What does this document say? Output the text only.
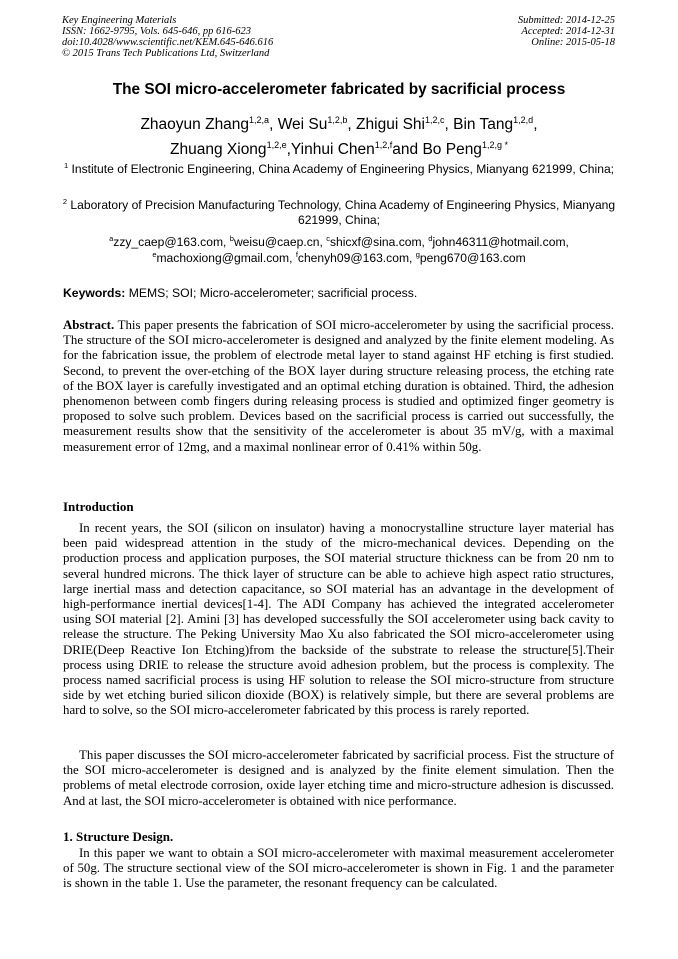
Key Engineering Materials
ISSN: 1662-9795, Vols. 645-646, pp 616-623
doi:10.4028/www.scientific.net/KEM.645-646.616
© 2015 Trans Tech Publications Ltd, Switzerland
Submitted: 2014-12-25
Accepted: 2014-12-31
Online: 2015-05-18
The SOI micro-accelerometer fabricated by sacrificial process
Zhaoyun Zhang$^{1,2,a}$, Wei Su$^{1,2,b}$, Zhigui Shi$^{1,2,c}$, Bin Tang$^{1,2,d}$,
Zhuang Xiong$^{1,2,e}$,Yinhui Chen$^{1,2,f}$and Bo Peng$^{1,2,g *}$
$^1$ Institute of Electronic Engineering, China Academy of Engineering Physics, Mianyang 621999, China;
$^2$ Laboratory of Precision Manufacturing Technology, China Academy of Engineering Physics, Mianyang 621999, China;
$^a$zzy_caep@163.com, $^b$weisu@caep.cn, $^c$shicxf@sina.com, $^d$john46311@hotmail.com,
$^e$machoxiong@gmail.com, $^f$chenyh09@163.com, $^g$peng670@163.com
Keywords: MEMS; SOI; Micro-accelerometer; sacrificial process.
Abstract. This paper presents the fabrication of SOI micro-accelerometer by using the sacrificial process. The structure of the SOI micro-accelerometer is designed and analyzed by the finite element modeling. As for the fabrication issue, the problem of electrode metal layer to stand against HF etching is first studied. Second, to prevent the over-etching of the BOX layer during structure releasing process, the etching rate of the BOX layer is carefully investigated and an optimal etching duration is obtained. Third, the adhesion phenomenon between comb fingers during releasing process is studied and optimized finger geometry is proposed to solve such problem. Devices based on the sacrificial process is carried out successfully, the measurement results show that the sensitivity of the accelerometer is about 35 mV/g, with a maximal measurement error of 12mg, and a maximal nonlinear error of 0.41% within 50g.
Introduction
In recent years, the SOI (silicon on insulator) having a monocrystalline structure layer material has been paid widespread attention in the study of the micro-mechanical devices. Depending on the production process and application purposes, the SOI material structure thickness can be from 20 nm to several hundred microns. The thick layer of structure can be able to achieve high aspect ratio structures, large inertial mass and detection capacitance, so SOI material has an advantage in the development of high-performance inertial devices[1-4]. The ADI Company has achieved the integrated accelerometer using SOI material [2]. Amini [3] has developed successfully the SOI accelerometer using back cavity to release the structure. The Peking University Mao Xu also fabricated the SOI micro-accelerometer using DRIE(Deep Reactive Ion Etching)from the backside of the substrate to release the structure[5].Their process using DRIE to release the structure avoid adhesion problem, but the process is complexity. The process named sacrificial process is using HF solution to release the SOI micro-structure from structure side by wet etching buried silicon dioxide (BOX) is relatively simple, but there are several problems are hard to solve, so the SOI micro-accelerometer fabricated by this process is rarely reported.
This paper discusses the SOI micro-accelerometer fabricated by sacrificial process. Fist the structure of the SOI micro-accelerometer is designed and is analyzed by the finite element simulation. Then the problems of metal electrode corrosion, oxide layer etching time and micro-structure adhesion is discussed. And at last, the SOI micro-accelerometer is obtained with nice performance.
1. Structure Design.
In this paper we want to obtain a SOI micro-accelerometer with maximal measurement accelerometer of 50g. The structure sectional view of the SOI micro-accelerometer is shown in Fig. 1 and the parameter is shown in the table 1. Use the parameter, the resonant frequency can be calculated.
